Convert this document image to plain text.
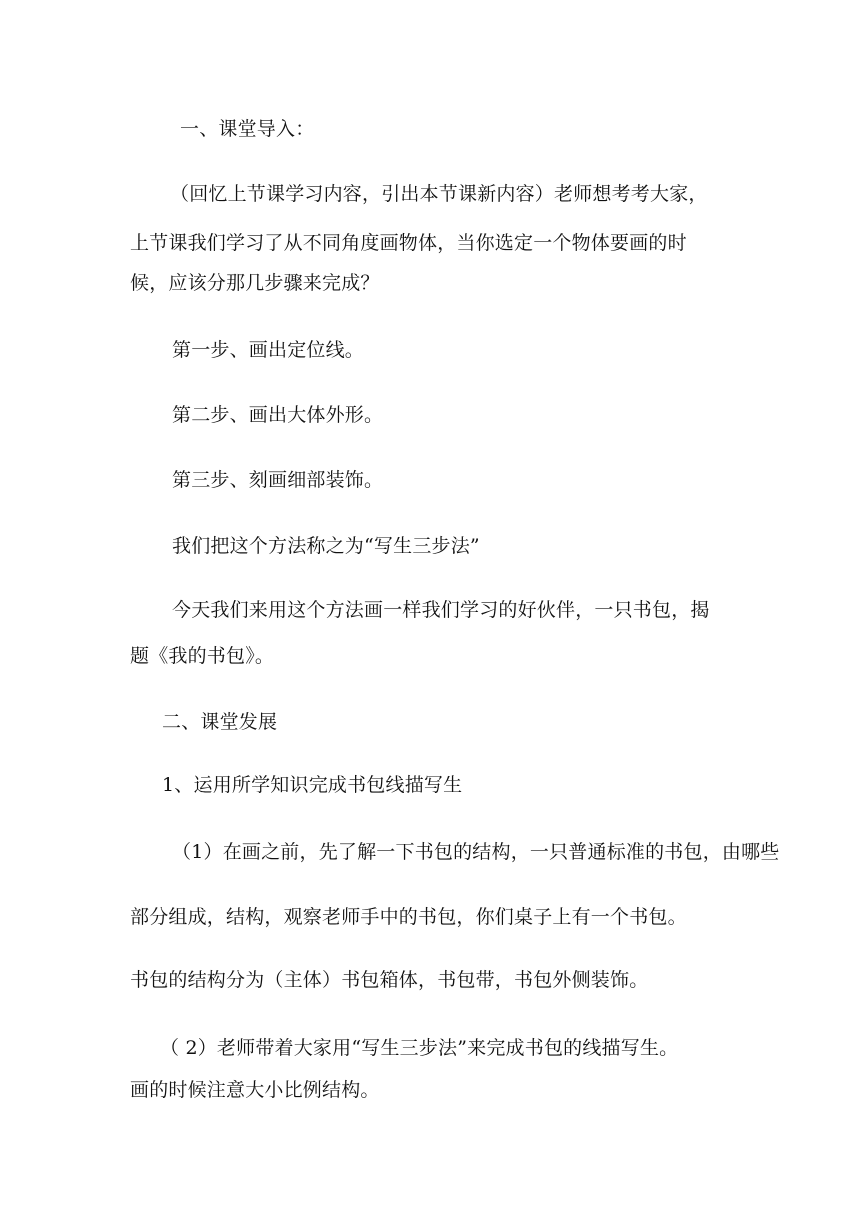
一、课堂导入：
（回忆上节课学习内容，引出本节课新内容）老师想考考大家，
上节课我们学习了从不同角度画物体，当你选定一个物体要画的时
候，应该分那几步骤来完成？
第一步、画出定位线。
第二步、画出大体外形。
第三步、刻画细部装饰。
我们把这个方法称之为“写生三步法”
今天我们来用这个方法画一样我们学习的好伙伴，一只书包，揭
题《我的书包》。
二、课堂发展
1、运用所学知识完成书包线描写生
（1）在画之前，先了解一下书包的结构，一只普通标准的书包，由哪些
部分组成，结构，观察老师手中的书包，你们桌子上有一个书包。
书包的结构分为（主体）书包箱体，书包带，书包外侧装饰。
（ 2）老师带着大家用“写生三步法”来完成书包的线描写生。
画的时候注意大小比例结构。
